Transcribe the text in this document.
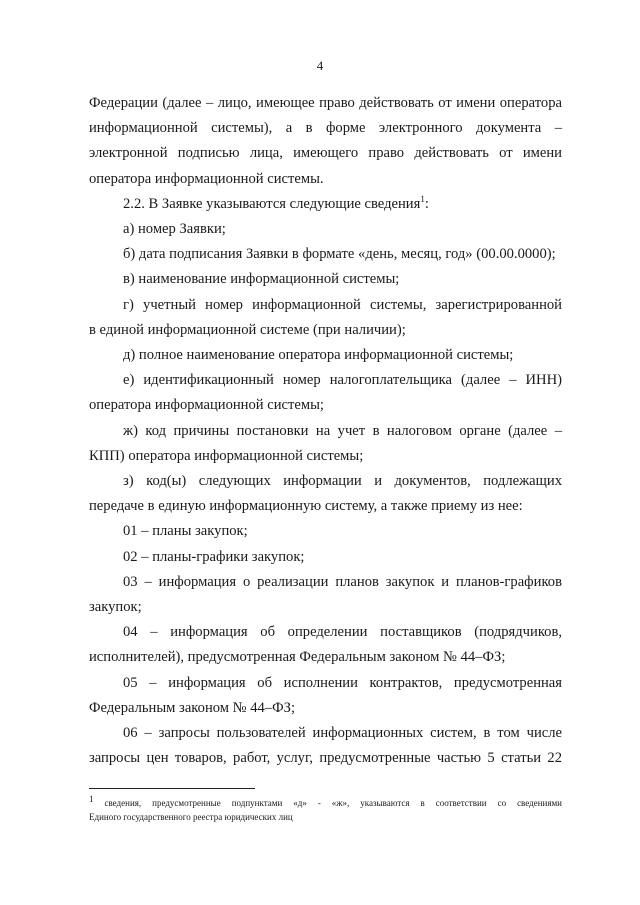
4

Федерации (далее – лицо, имеющее право действовать от имени оператора

информационной системы), а в форме электронного документа –

электронной подписью лица, имеющего право действовать от имени

оператора информационной системы.

2.2. В Заявке указываются следующие сведения$^1$:

а) номер Заявки;

б) дата подписания Заявки в формате «день, месяц, год» (00.00.0000);

в) наименование информационной системы;

г) учетный номер информационной системы, зарегистрированной

в единой информационной системе (при наличии);

д) полное наименование оператора информационной системы;

е) идентификационный номер налогоплательщика (далее – ИНН)

оператора информационной системы;

ж) код причины постановки на учет в налоговом органе (далее –

КПП) оператора информационной системы;

з) код(ы) следующих информации и документов, подлежащих

передаче в единую информационную систему, а также приему из нее:

01 – планы закупок;

02 – планы-графики закупок;

03 – информация о реализации планов закупок и планов-графиков

закупок;

04 – информация об определении поставщиков (подрядчиков,

исполнителей), предусмотренная Федеральным законом № 44–ФЗ;

05 – информация об исполнении контрактов, предусмотренная

Федеральным законом № 44–ФЗ;

06 – запросы пользователей информационных систем, в том числе

запросы цен товаров, работ, услуг, предусмотренные частью 5 статьи 22

$^1$ сведения, предусмотренные подпунктами «д» - «ж», указываются в соответствии со сведениями

Единого государственного реестра юридических лиц
